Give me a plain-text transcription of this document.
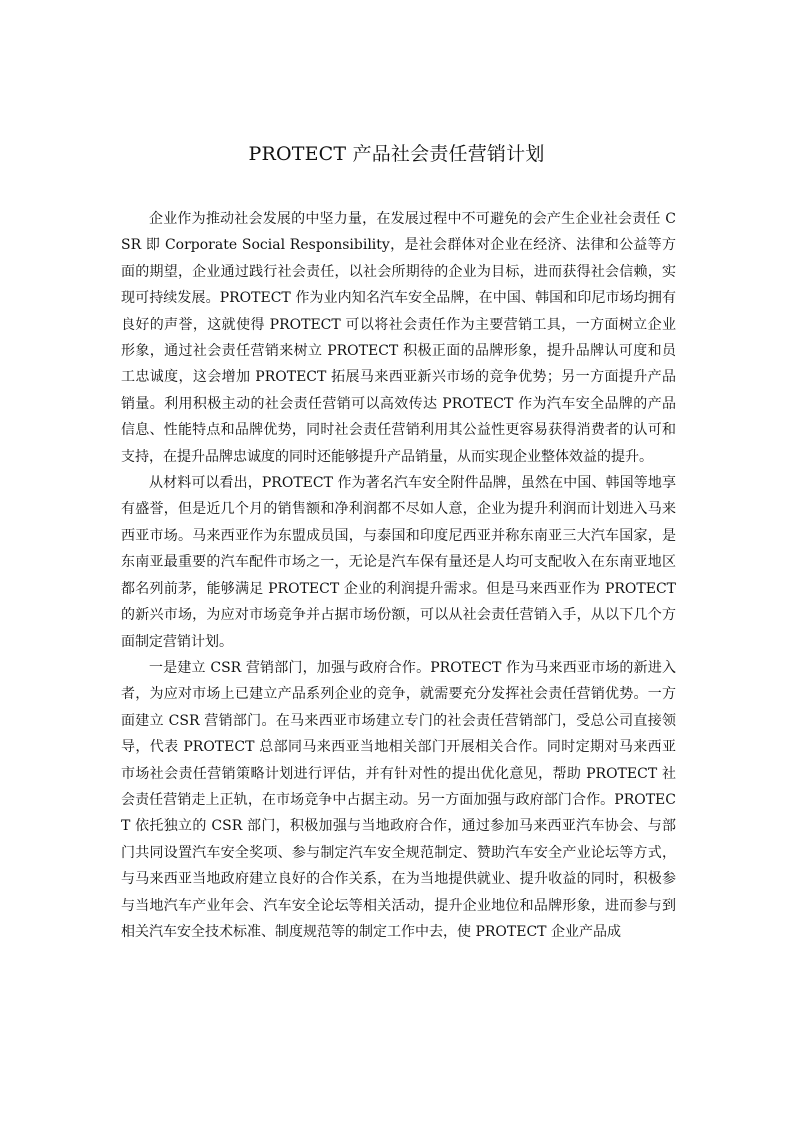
PROTECT 产品社会责任营销计划

企业作为推动社会发展的中坚力量，在发展过程中不可避免的会产生企业社会责任 CSR 即 Corporate Social Responsibility，是社会群体对企业在经济、法律和公益等方面的期望，企业通过践行社会责任，以社会所期待的企业为目标，进而获得社会信赖，实现可持续发展。PROTECT 作为业内知名汽车安全品牌，在中国、韩国和印尼市场均拥有良好的声誉，这就使得 PROTECT 可以将社会责任作为主要营销工具，一方面树立企业形象，通过社会责任营销来树立 PROTECT 积极正面的品牌形象，提升品牌认可度和员工忠诚度，这会增加 PROTECT 拓展马来西亚新兴市场的竞争优势；另一方面提升产品销量。利用积极主动的社会责任营销可以高效传达 PROTECT 作为汽车安全品牌的产品信息、性能特点和品牌优势，同时社会责任营销利用其公益性更容易获得消费者的认可和支持，在提升品牌忠诚度的同时还能够提升产品销量，从而实现企业整体效益的提升。

从材料可以看出，PROTECT 作为著名汽车安全附件品牌，虽然在中国、韩国等地享有盛誉，但是近几个月的销售额和净利润都不尽如人意，企业为提升利润而计划进入马来西亚市场。马来西亚作为东盟成员国，与泰国和印度尼西亚并称东南亚三大汽车国家，是东南亚最重要的汽车配件市场之一，无论是汽车保有量还是人均可支配收入在东南亚地区都名列前茅，能够满足 PROTECT 企业的利润提升需求。但是马来西亚作为 PROTECT 的新兴市场，为应对市场竞争并占据市场份额，可以从社会责任营销入手，从以下几个方面制定营销计划。

一是建立 CSR 营销部门，加强与政府合作。PROTECT 作为马来西亚市场的新进入者，为应对市场上已建立产品系列企业的竞争，就需要充分发挥社会责任营销优势。一方面建立 CSR 营销部门。在马来西亚市场建立专门的社会责任营销部门，受总公司直接领导，代表 PROTECT 总部同马来西亚当地相关部门开展相关合作。同时定期对马来西亚市场社会责任营销策略计划进行评估，并有针对性的提出优化意见，帮助 PROTECT 社会责任营销走上正轨，在市场竞争中占据主动。另一方面加强与政府部门合作。PROTECT 依托独立的 CSR 部门，积极加强与当地政府合作，通过参加马来西亚汽车协会、与部门共同设置汽车安全奖项、参与制定汽车安全规范制定、赞助汽车安全产业论坛等方式，与马来西亚当地政府建立良好的合作关系，在为当地提供就业、提升收益的同时，积极参与当地汽车产业年会、汽车安全论坛等相关活动，提升企业地位和品牌形象，进而参与到相关汽车安全技术标准、制度规范等的制定工作中去，使 PROTECT 企业产品成
